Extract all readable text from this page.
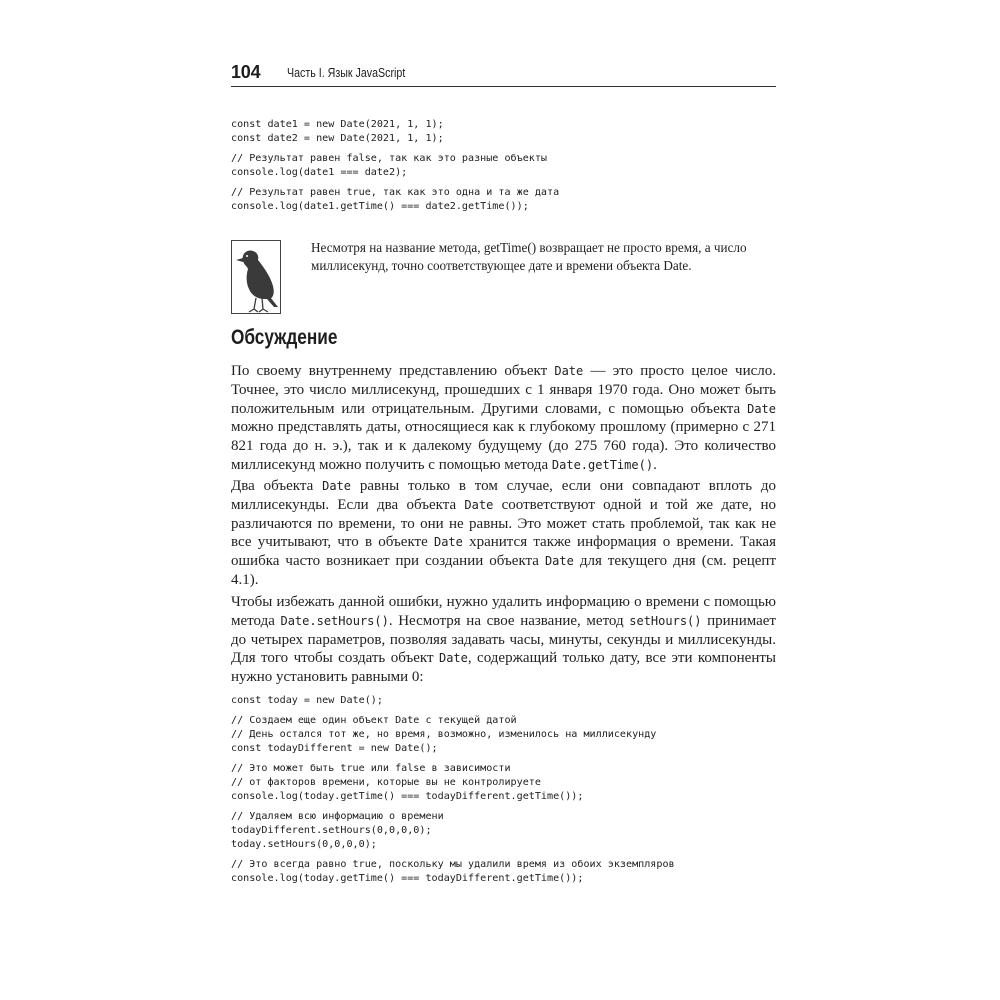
104 Часть I. Язык JavaScript
const date1 = new Date(2021, 1, 1);
const date2 = new Date(2021, 1, 1);

// Результат равен false, так как это разные объекты
console.log(date1 === date2);

// Результат равен true, так как это одна и та же дата
console.log(date1.getTime() === date2.getTime());
Несмотря на название метода, getTime() возвращает не просто время, а число миллисекунд, точно соответствующее дате и времени объекта Date.
Обсуждение

По своему внутреннему представлению объект Date — это просто целое число. Точнее, это число миллисекунд, прошедших с 1 января 1970 года. Оно может быть положительным или отрицательным. Другими словами, с помощью объекта Date можно представлять даты, относящиеся как к глубокому прошлому (примерно с 271 821 года до н. э.), так и к далекому будущему (до 275 760 года). Это количество миллисекунд можно получить с помощью метода Date.getTime().

Два объекта Date равны только в том случае, если они совпадают вплоть до миллисекунды. Если два объекта Date соответствуют одной и той же дате, но различаются по времени, то они не равны. Это может стать проблемой, так как не все учитывают, что в объекте Date хранится также информация о времени. Такая ошибка часто возникает при создании объекта Date для текущего дня (см. рецепт 4.1).

Чтобы избежать данной ошибки, нужно удалить информацию о времени с помощью метода Date.setHours(). Несмотря на свое название, метод setHours() принимает до четырех параметров, позволяя задавать часы, минуты, секунды и миллисекунды. Для того чтобы создать объект Date, содержащий только дату, все эти компоненты нужно установить равными 0:

const today = new Date();

// Создаем еще один объект Date с текущей датой
// День остался тот же, но время, возможно, изменилось на миллисекунду
const todayDifferent = new Date();

// Это может быть true или false в зависимости
// от факторов времени, которые вы не контролируете
console.log(today.getTime() === todayDifferent.getTime());

// Удаляем всю информацию о времени
todayDifferent.setHours(0,0,0,0);
today.setHours(0,0,0,0);

// Это всегда равно true, поскольку мы удалили время из обоих экземпляров
console.log(today.getTime() === todayDifferent.getTime());
